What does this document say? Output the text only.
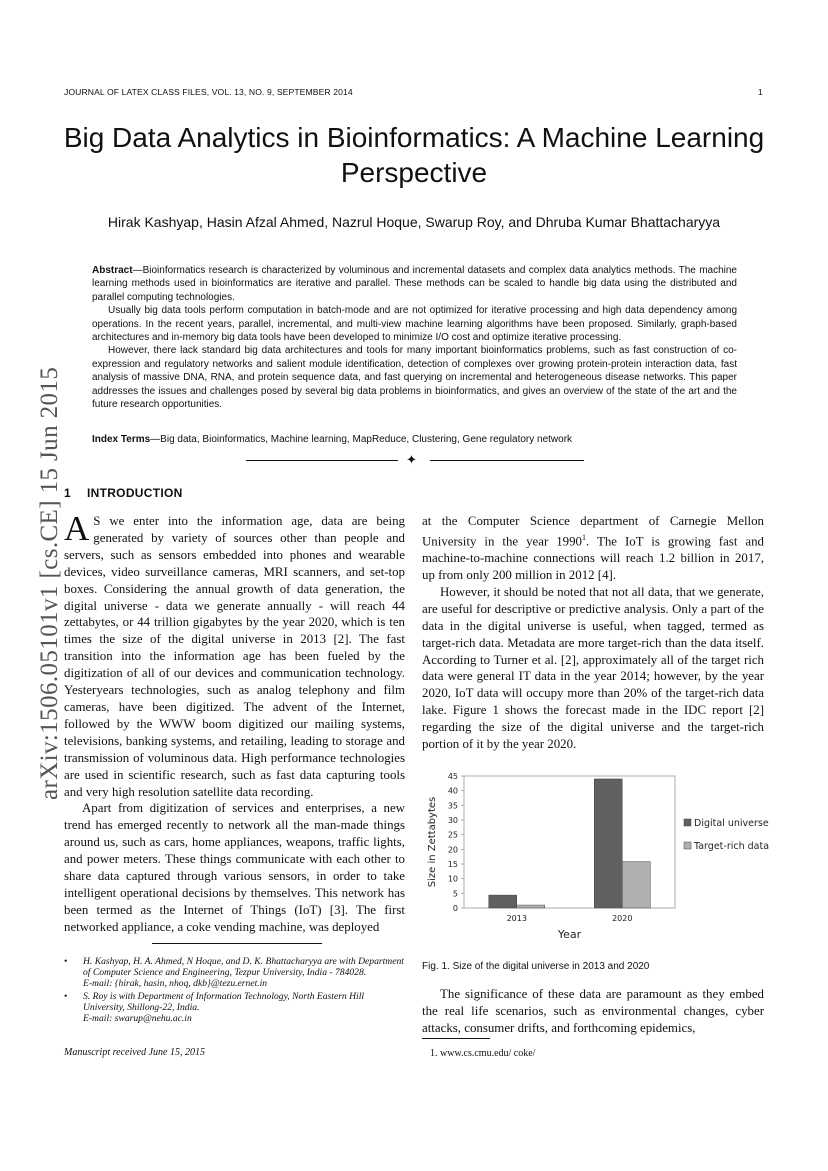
JOURNAL OF LATEX CLASS FILES, VOL. 13, NO. 9, SEPTEMBER 2014	1
arXiv:1506.05101v1 [cs.CE] 15 Jun 2015
Big Data Analytics in Bioinformatics: A Machine Learning Perspective
Hirak Kashyap, Hasin Afzal Ahmed, Nazrul Hoque, Swarup Roy, and Dhruba Kumar Bhattacharyya

Abstract—Bioinformatics research is characterized by voluminous and incremental datasets and complex data analytics methods. The machine learning methods used in bioinformatics are iterative and parallel. These methods can be scaled to handle big data using the distributed and parallel computing technologies.

Usually big data tools perform computation in batch-mode and are not optimized for iterative processing and high data dependency among operations. In the recent years, parallel, incremental, and multi-view machine learning algorithms have been proposed. Similarly, graph-based architectures and in-memory big data tools have been developed to minimize I/O cost and optimize iterative processing.

However, there lack standard big data architectures and tools for many important bioinformatics problems, such as fast construction of co-expression and regulatory networks and salient module identification, detection of complexes over growing protein-protein interaction data, fast analysis of massive DNA, RNA, and protein sequence data, and fast querying on incremental and heterogeneous disease networks. This paper addresses the issues and challenges posed by several big data problems in bioinformatics, and gives an overview of the state of the art and the future research opportunities.

Index Terms—Big data, Bioinformatics, Machine learning, MapReduce, Clustering, Gene regulatory network
✦
1 INTRODUCTION

A S we enter into the information age, data are being generated by variety of sources other than people and servers, such as sensors embedded into phones and wearable devices, video surveillance cameras, MRI scanners, and set-top boxes. Considering the annual growth of data generation, the digital universe - data we generate annually - will reach 44 zettabytes, or 44 trillion gigabytes by the year 2020, which is ten times the size of the digital universe in 2013 [2]. The fast transition into the information age has been fueled by the digitization of all of our devices and communication technology. Yesteryears technologies, such as analog telephony and film cameras, have been digitized. The advent of the Internet, followed by the WWW boom digitized our mailing systems, televisions, banking systems, and retailing, leading to storage and transmission of voluminous data. High performance technologies are used in scientific research, such as fast data capturing tools and very high resolution satellite data recording.

Apart from digitization of services and enterprises, a new trend has emerged recently to network all the man-made things around us, such as cars, home appliances, weapons, traffic lights, and power meters. These things communicate with each other to share data captured through various sensors, in order to take intelligent operational decisions by themselves. This network has been termed as the Internet of Things (IoT) [3]. The first networked appliance, a coke vending machine, was deployed

at the Computer Science department of Carnegie Mellon University in the year 1990$^1$. The IoT is growing fast and machine-to-machine connections will reach 1.2 billion in 2017, up from only 200 million in 2012 [4].

However, it should be noted that not all data, that we generate, are useful for descriptive or predictive analysis. Only a part of the data in the digital universe is useful, when tagged, termed as target-rich data. Metadata are more target-rich than the data itself. According to Turner et al. [2], approximately all of the target rich data were general IT data in the year 2014; however, by the year 2020, IoT data will occupy more than 20% of the target-rich data lake. Figure 1 shows the forecast made in the IDC report [2] regarding the size of the digital universe and the target-rich portion of it by the year 2020.

0
5
10
15
20
25
30
35
40
45
2013	2020
Year
Size in Zettabytes	Digital universe
Target-rich data
Fig. 1. Size of the digital universe in 2013 and 2020

The significance of these data are paramount as they embed the real life scenarios, such as environmental changes, cyber attacks, consumer drifts, and forthcoming epidemics,

• H. Kashyap, H. A. Ahmed, N Hoque, and D. K. Bhattacharyya are with Department of Computer Science and Engineering, Tezpur University, India - 784028.
E-mail: {hirak, hasin, nhoq, dkb}@tezu.ernet.in
• S. Roy is with Department of Information Technology, North Eastern Hill University, Shillong-22, India.
E-mail: swarup@nehu.ac.in
Manuscript received June 15, 2015	1. www.cs.cmu.edu/ coke/
